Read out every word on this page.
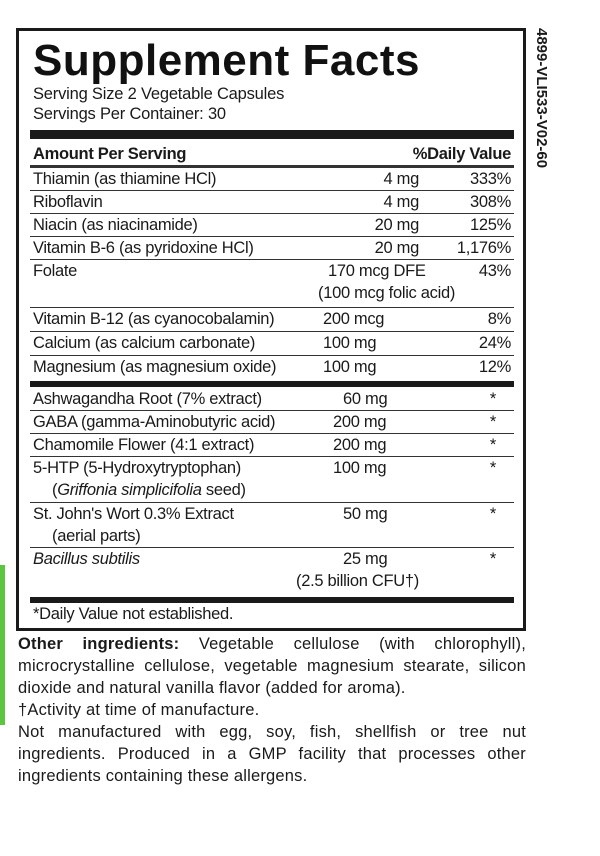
Supplement Facts
Serving Size 2 Vegetable Capsules
Servings Per Container: 30
Amount Per Serving	%Daily Value
Thiamin (as thiamine HCl)	4 mg	333%
Riboflavin	4 mg	308%
Niacin (as niacinamide)	20 mg	125%
Vitamin B-6 (as pyridoxine HCl)	20 mg 1,176%
Folate	170 mcg DFE	43%
(100 mcg folic acid)
Vitamin B-12 (as cyanocobalamin)	200 mcg	8%
Calcium (as calcium carbonate)	100 mg	24%
Magnesium (as magnesium oxide)	100 mg	12%
Ashwagandha Root (7% extract)	60 mg	*
GABA (gamma-Aminobutyric acid)	200 mg	*
Chamomile Flower (4:1 extract)	200 mg	*
5-HTP (5-Hydroxytryptophan)	100 mg	*
(Griffonia simplicifolia seed)
St. John's Wort 0.3% Extract	50 mg	*
(aerial parts)
Bacillus subtilis	25 mg	*
(2.5 billion CFU†)
*Daily Value not established.
4899-VLI533-V02-60

Other ingredients: Vegetable cellulose (with chlorophyll), microcrystalline cellulose, vegetable magnesium stearate, silicon dioxide and natural vanilla flavor (added for aroma).

†Activity at time of manufacture.

Not manufactured with egg, soy, fish, shellfish or tree nut ingredients. Produced in a GMP facility that processes other ingredients containing these allergens.
